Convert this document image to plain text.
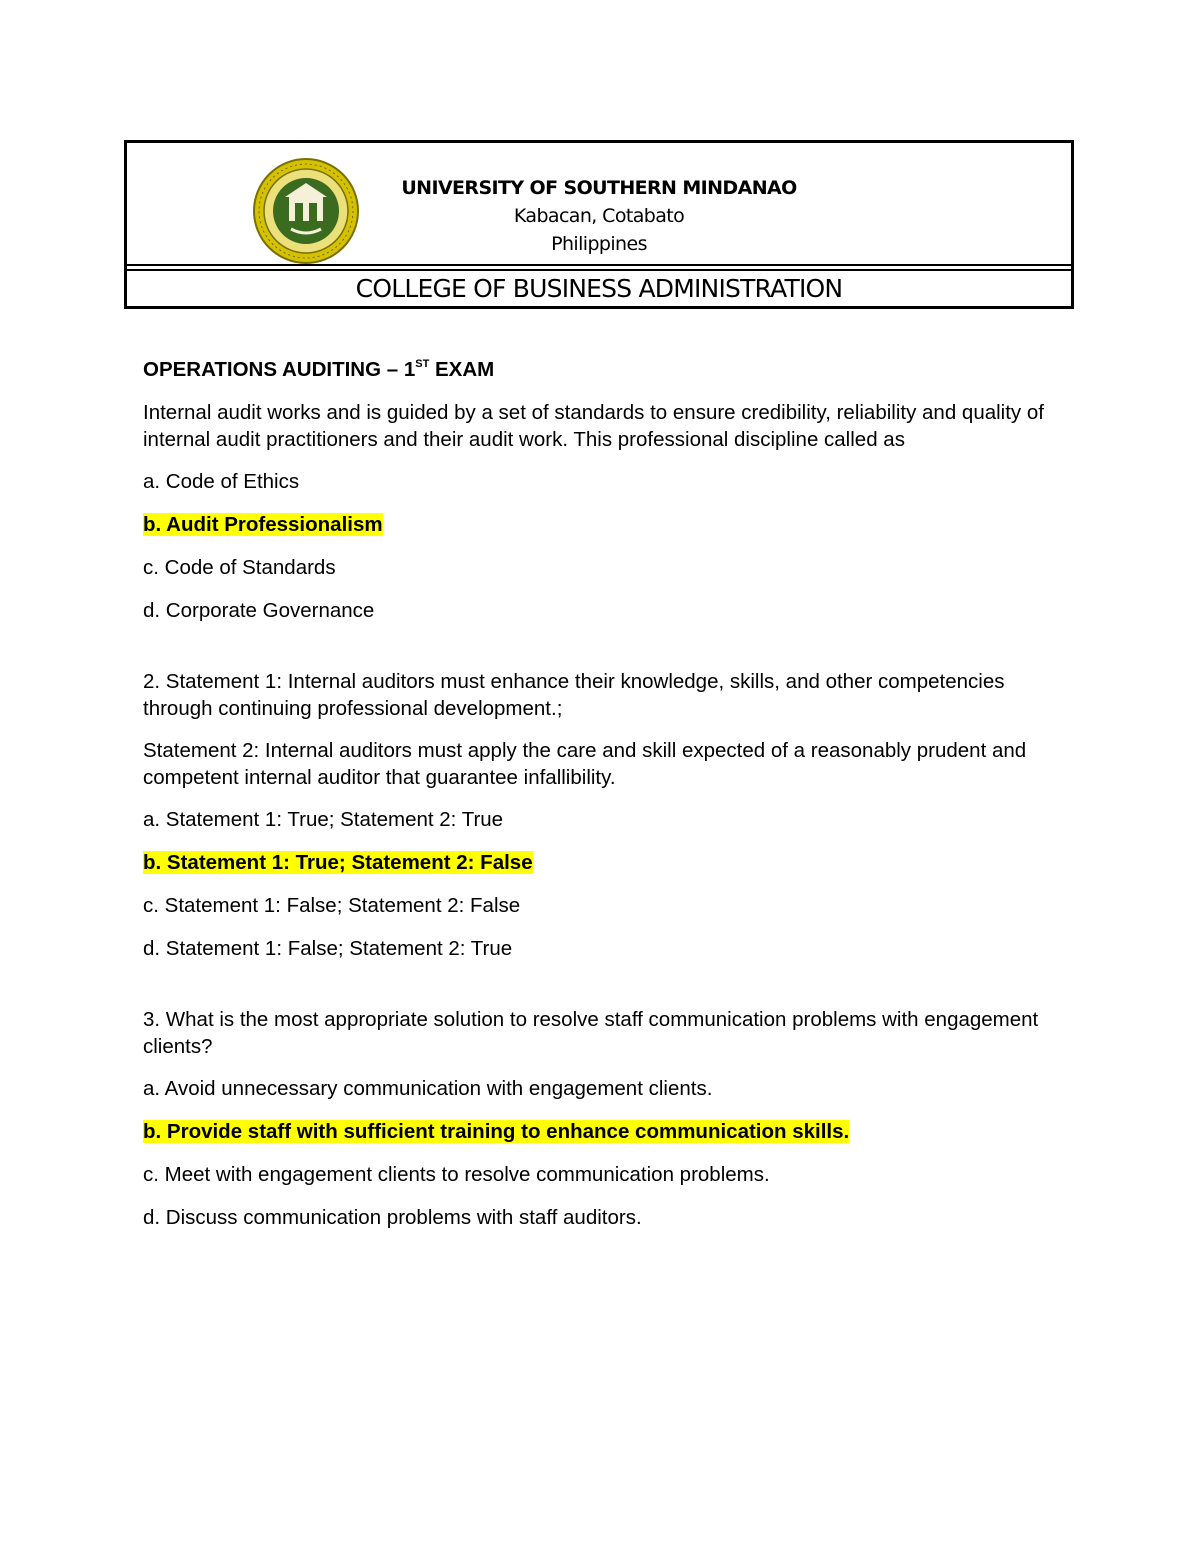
UNIVERSITY OF SOUTHERN MINDANAO
Kabacan, Cotabato
Philippines
COLLEGE OF BUSINESS ADMINISTRATION

OPERATIONS AUDITING – 1ST EXAM

Internal audit works and is guided by a set of standards to ensure credibility, reliability and quality of internal audit practitioners and their audit work. This professional discipline called as

a. Code of Ethics

b. Audit Professionalism

c. Code of Standards

d. Corporate Governance

2. Statement 1: Internal auditors must enhance their knowledge, skills, and other competencies through continuing professional development.;

Statement 2: Internal auditors must apply the care and skill expected of a reasonably prudent and competent internal auditor that guarantee infallibility.

a. Statement 1: True; Statement 2: True

b. Statement 1: True; Statement 2: False

c. Statement 1: False; Statement 2: False

d. Statement 1: False; Statement 2: True

3. What is the most appropriate solution to resolve staff communication problems with engagement clients?

a. Avoid unnecessary communication with engagement clients.

b. Provide staff with sufficient training to enhance communication skills.

c. Meet with engagement clients to resolve communication problems.

d. Discuss communication problems with staff auditors.
